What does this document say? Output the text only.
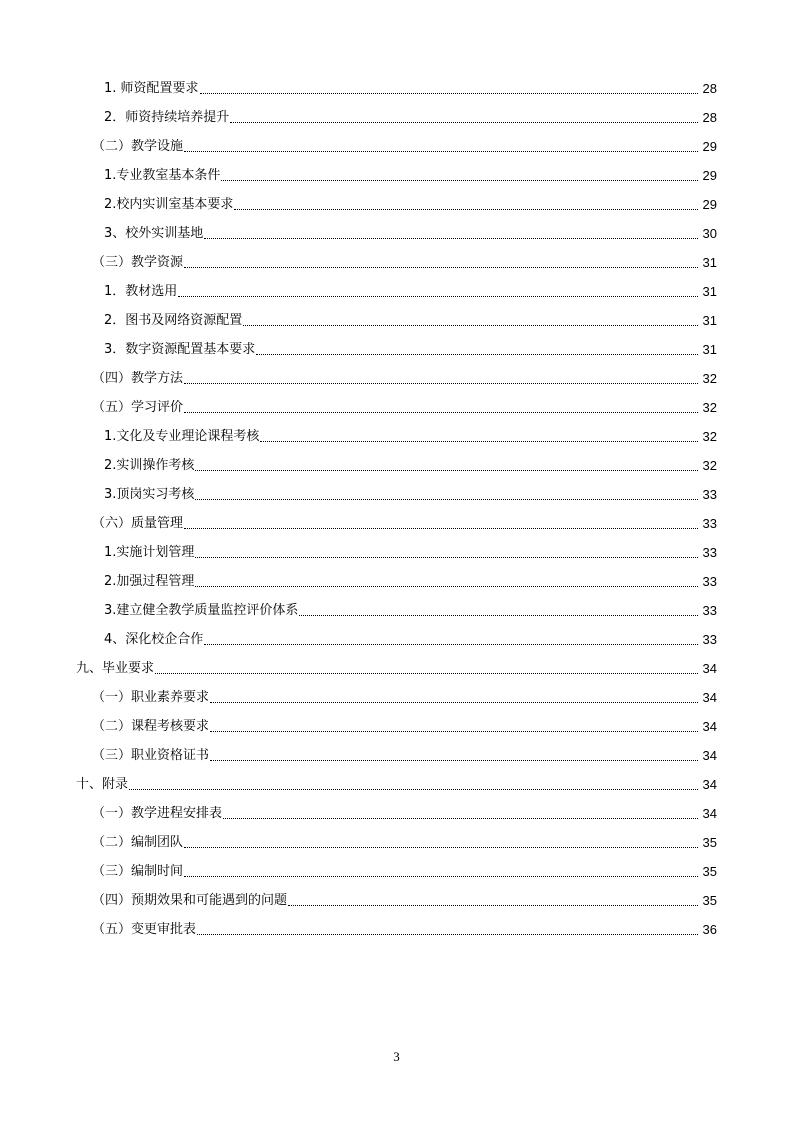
1. 师资配置要求	28
2．师资持续培养提升	28
（二）教学设施	29
1.专业教室基本条件	29
2.校内实训室基本要求	29
3、校外实训基地	30
（三）教学资源	31
1．教材选用	31
2．图书及网络资源配置	31
3．数字资源配置基本要求	31
（四）教学方法	32
（五）学习评价	32
1.文化及专业理论课程考核	32
2.实训操作考核	32
3.顶岗实习考核	33
（六）质量管理	33
1.实施计划管理	33
2.加强过程管理	33
3.建立健全教学质量监控评价体系	33
4、深化校企合作	33
九、毕业要求	34
（一）职业素养要求	34
（二）课程考核要求	34
（三）职业资格证书	34
十、附录	34
（一）教学进程安排表	34
（二）编制团队	35
（三）编制时间	35
（四）预期效果和可能遇到的问题	35
（五）变更审批表	36
3
